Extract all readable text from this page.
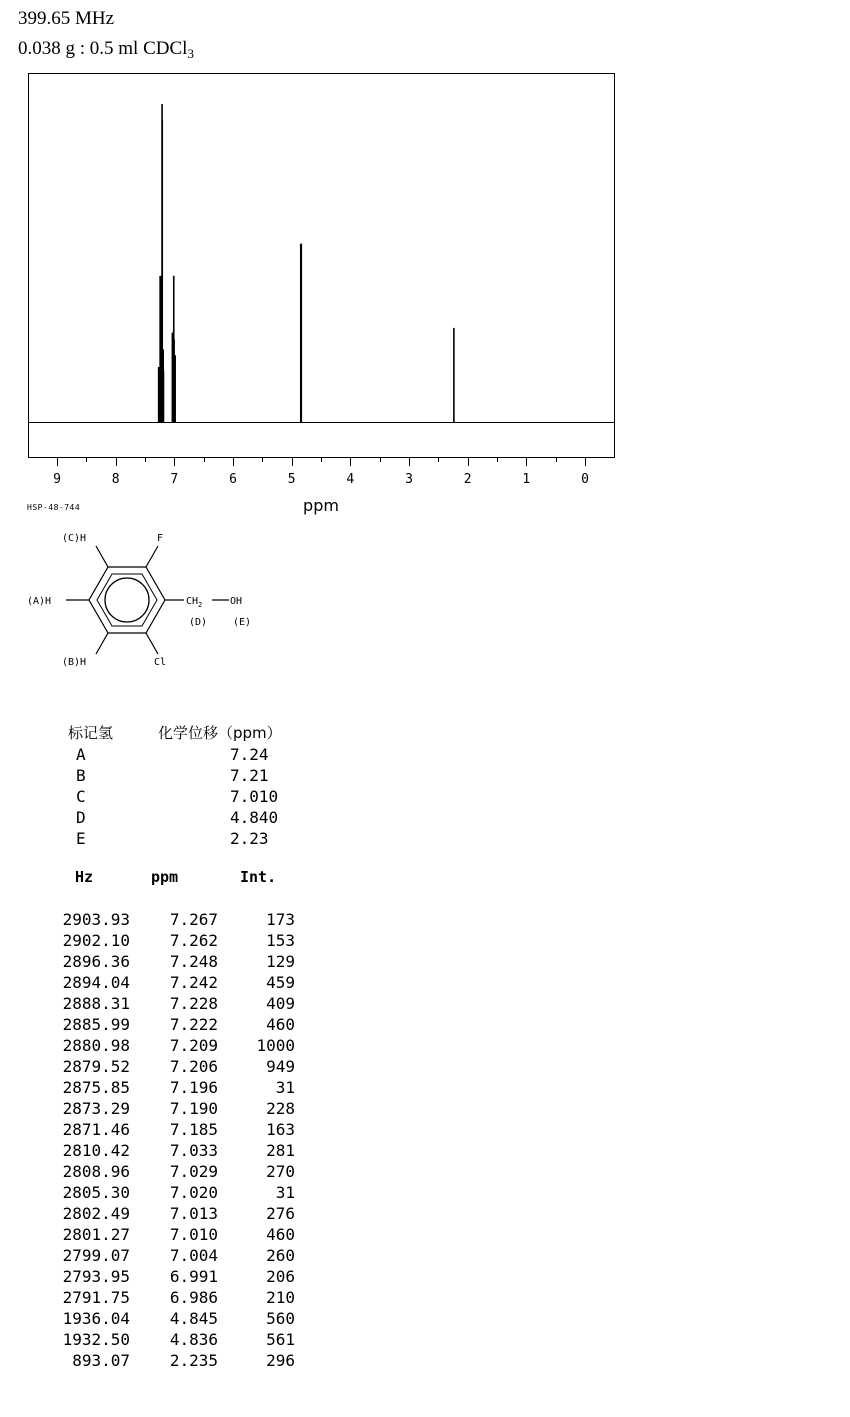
399.65 MHz
0.038 g : 0.5 ml CDCl$_3$
9	8	7	6	5	4	3	2	1	0
ppm
HSP-48-744
(C)H	F
(A)H	$CH_2$	OH
(D)	(E)
(B)H	Cl
标记氢	化学位移（ppm）
A	7.24
B	7.21
C	7.010
D	4.840
E	2.23
Hz	ppm	Int.
2903.93 7.267	173
2902.10 7.262	153
2896.36 7.248	129
2894.04 7.242	459
2888.31 7.228	409
2885.99 7.222	460
2880.98 7.209 1000
2879.52 7.206	949
2875.85 7.196	31
2873.29 7.190	228
2871.46 7.185	163
2810.42 7.033	281
2808.96 7.029	270
2805.30 7.020	31
2802.49 7.013	276
2801.27 7.010	460
2799.07 7.004	260
2793.95 6.991	206
2791.75 6.986	210
1936.04 4.845	560
1932.50 4.836	561
893.07 2.235	296
